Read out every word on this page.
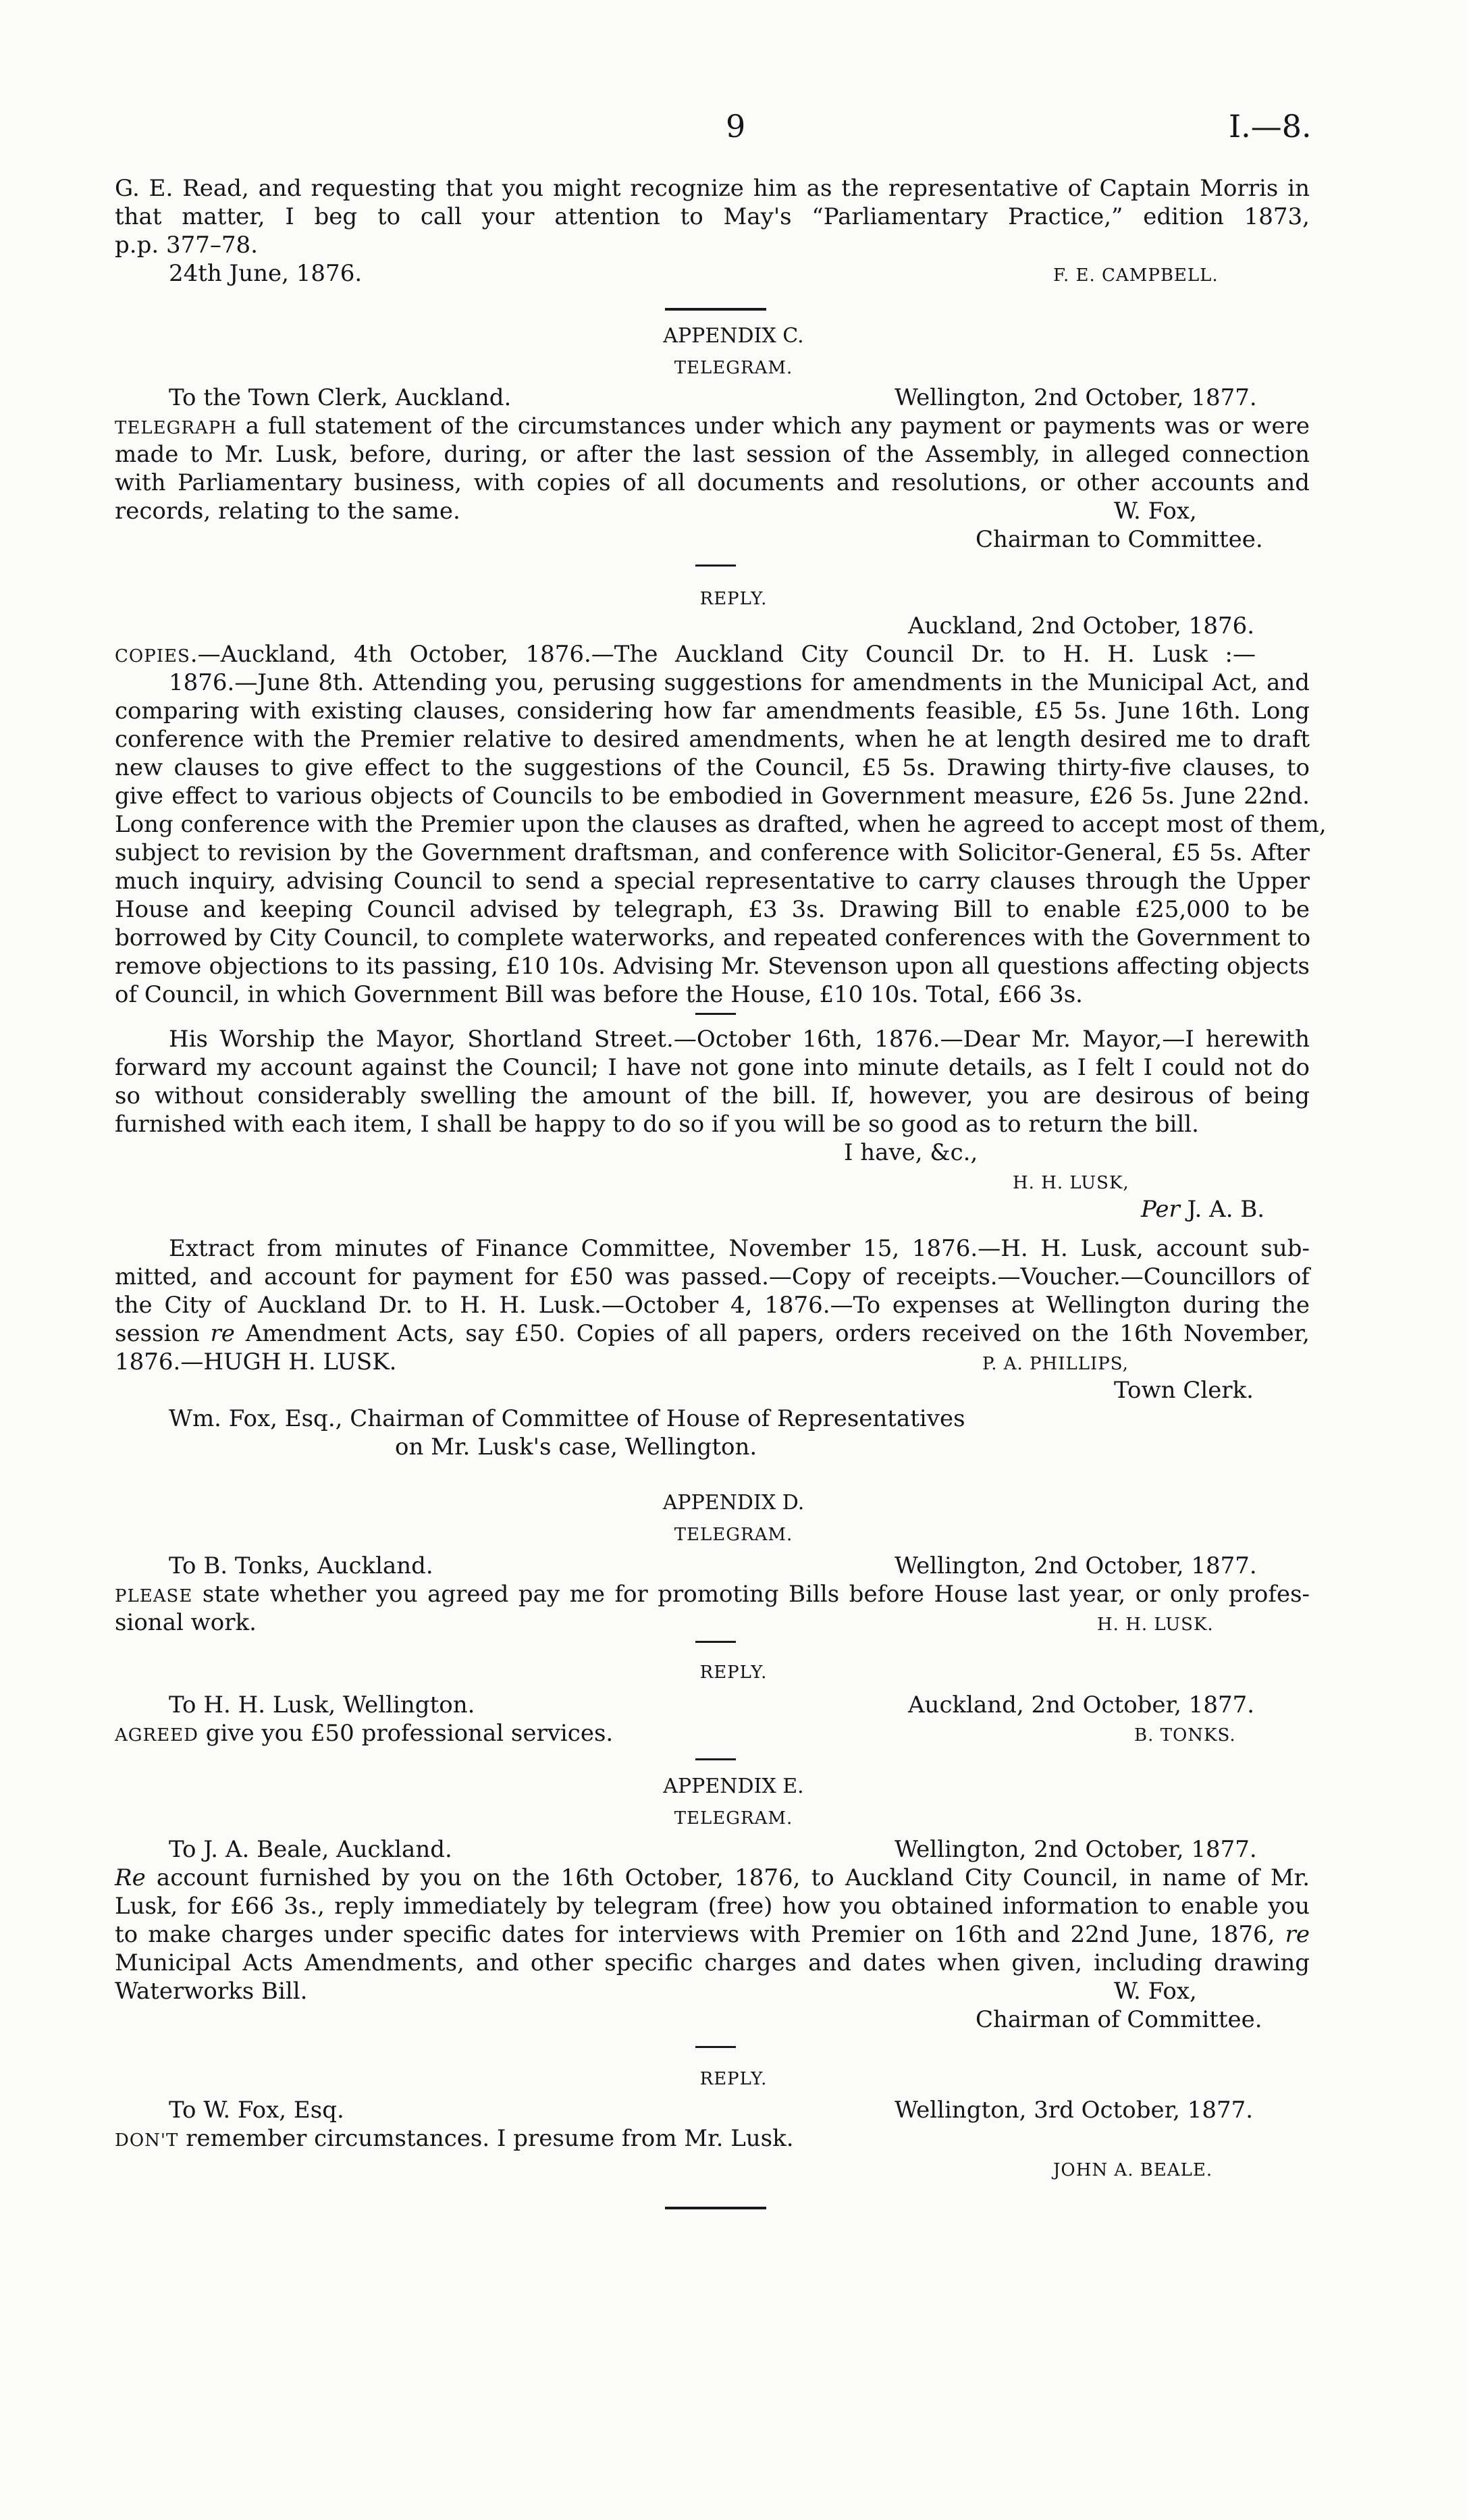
9	I.—8.
G. E. Read, and requesting that you might recognize him as the representative of Captain Morris in
that matter, I beg to call your attention to May's “Parliamentary Practice,” edition 1873,
p.p. 377–78.
24th June, 1876.	F. E. CAMPBELL.
APPENDIX C.
TELEGRAM.
To the Town Clerk, Auckland.	Wellington, 2nd October, 1877.
TELEGRAPH a full statement of the circumstances under which any payment or payments was or were
made to Mr. Lusk, before, during, or after the last session of the Assembly, in alleged connection
with Parliamentary business, with copies of all documents and resolutions, or other accounts and
records, relating to the same.	W. Fox,
Chairman to Committee.
REPLY.
Auckland, 2nd October, 1876.
COPIES.—Auckland, 4th October, 1876.—The Auckland City Council Dr. to H. H. Lusk :—
1876.—June 8th. Attending you, perusing suggestions for amendments in the Municipal Act, and
comparing with existing clauses, considering how far amendments feasible, £5 5s. June 16th. Long
conference with the Premier relative to desired amendments, when he at length desired me to draft
new clauses to give effect to the suggestions of the Council, £5 5s. Drawing thirty-five clauses, to
give effect to various objects of Councils to be embodied in Government measure, £26 5s. June 22nd.
Long conference with the Premier upon the clauses as drafted, when he agreed to accept most of them,
subject to revision by the Government draftsman, and conference with Solicitor-General, £5 5s. After
much inquiry, advising Council to send a special representative to carry clauses through the Upper
House and keeping Council advised by telegraph, £3 3s. Drawing Bill to enable £25,000 to be
borrowed by City Council, to complete waterworks, and repeated conferences with the Government to
remove objections to its passing, £10 10s. Advising Mr. Stevenson upon all questions affecting objects
of Council, in which Government Bill was before the House, £10 10s. Total, £66 3s.
His Worship the Mayor, Shortland Street.—October 16th, 1876.—Dear Mr. Mayor,—I herewith
forward my account against the Council; I have not gone into minute details, as I felt I could not do
so without considerably swelling the amount of the bill. If, however, you are desirous of being
furnished with each item, I shall be happy to do so if you will be so good as to return the bill.
I have, &c.,
H. H. LUSK,
Per J. A. B.
Extract from minutes of Finance Committee, November 15, 1876.—H. H. Lusk, account sub-
mitted, and account for payment for £50 was passed.—Copy of receipts.—Voucher.—Councillors of
the City of Auckland Dr. to H. H. Lusk.—October 4, 1876.—To expenses at Wellington during the
session re Amendment Acts, say £50. Copies of all papers, orders received on the 16th November,
1876.—HUGH H. LUSK.	P. A. PHILLIPS,
Town Clerk.
Wm. Fox, Esq., Chairman of Committee of House of Representatives
on Mr. Lusk's case, Wellington.
APPENDIX D.
TELEGRAM.
To B. Tonks, Auckland.	Wellington, 2nd October, 1877.
PLEASE state whether you agreed pay me for promoting Bills before House last year, or only profes-
sional work.	H. H. LUSK.
REPLY.
To H. H. Lusk, Wellington.	Auckland, 2nd October, 1877.
AGREED give you £50 professional services.	B. TONKS.
APPENDIX E.
TELEGRAM.
To J. A. Beale, Auckland.	Wellington, 2nd October, 1877.
Re account furnished by you on the 16th October, 1876, to Auckland City Council, in name of Mr.
Lusk, for £66 3s., reply immediately by telegram (free) how you obtained information to enable you
to make charges under specific dates for interviews with Premier on 16th and 22nd June, 1876, re
Municipal Acts Amendments, and other specific charges and dates when given, including drawing
Waterworks Bill.	W. Fox,
Chairman of Committee.
REPLY.
To W. Fox, Esq.	Wellington, 3rd October, 1877.
DON'T remember circumstances. I presume from Mr. Lusk.
JOHN A. BEALE.
